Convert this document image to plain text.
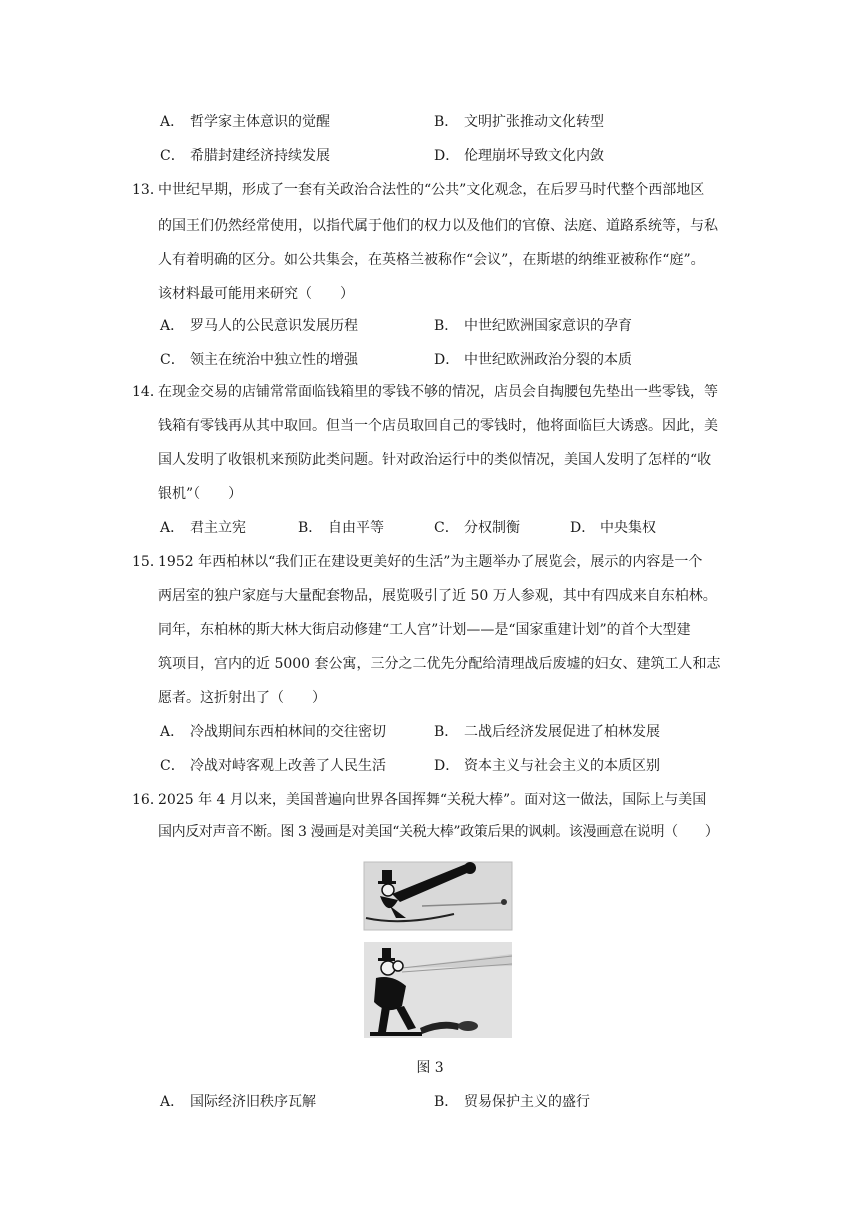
A． 哲学家主体意识的觉醒	B． 文明扩张推动文化转型
C． 希腊封建经济持续发展	D． 伦理崩坏导致文化内敛
13．
中世纪早期，形成了一套有关政治合法性的“公共”文化观念，在后罗马时代整个西部地区
的国王们仍然经常使用，以指代属于他们的权力以及他们的官僚、法庭、道路系统等，与私
人有着明确的区分。如公共集会，在英格兰被称作“会议”，在斯堪的纳维亚被称作“庭”。
该材料最可能用来研究（　　）
A． 罗马人的公民意识发展历程	B． 中世纪欧洲国家意识的孕育
C． 领主在统治中独立性的增强	D． 中世纪欧洲政治分裂的本质
14．
在现金交易的店铺常常面临钱箱里的零钱不够的情况，店员会自掏腰包先垫出一些零钱，等
钱箱有零钱再从其中取回。但当一个店员取回自己的零钱时，他将面临巨大诱惑。因此，美
国人发明了收银机来预防此类问题。针对政治运行中的类似情况，美国人发明了怎样的“收
银机”（　　）
A． 君主立宪	B． 自由平等	C． 分权制衡	D． 中央集权
15．
1952 年西柏林以“我们正在建设更美好的生活”为主题举办了展览会，展示的内容是一个
两居室的独户家庭与大量配套物品，展览吸引了近 50 万人参观，其中有四成来自东柏林。
同年，东柏林的斯大林大街启动修建“工人宫”计划——是“国家重建计划”的首个大型建
筑项目，宫内的近 5000 套公寓，三分之二优先分配给清理战后废墟的妇女、建筑工人和志
愿者。这折射出了（　　）
A． 冷战期间东西柏林间的交往密切	B． 二战后经济发展促进了柏林发展
C． 冷战对峙客观上改善了人民生活	D． 资本主义与社会主义的本质区别
16．
2025 年 4 月以来，美国普遍向世界各国挥舞“关税大棒”。面对这一做法，国际上与美国
国内反对声音不断。图 3 漫画是对美国“关税大棒”政策后果的讽刺。该漫画意在说明（　　）
图 3
A． 国际经济旧秩序瓦解	B． 贸易保护主义的盛行
